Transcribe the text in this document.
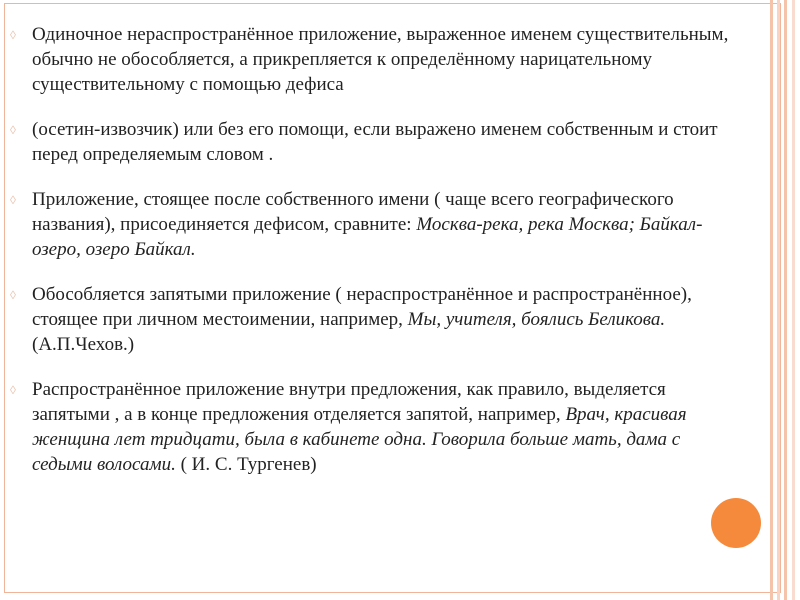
◊ Одиночное нераспространённое приложение, выраженное именем существительным, обычно не обособляется, а прикрепляется к определённому нарицательному существительному с помощью дефиса
◊ (осетин-извозчик) или без его помощи, если выражено именем собственным и стоит перед определяемым словом .
◊ Приложение, стоящее после собственного имени ( чаще всего географического названия), присоединяется дефисом, сравните: Москва-река, река Москва; Байкал-озеро, озеро Байкал.
◊ Обособляется запятыми приложение ( нераспространённое и распространённое), стоящее при личном местоимении, например, Мы, учителя, боялись Беликова. (А.П.Чехов.)
◊ Распространённое приложение внутри предложения, как правило, выделяется запятыми , а в конце предложения отделяется запятой, например, Врач, красивая женщина лет тридцати, была в кабинете одна. Говорила больше мать, дама с седыми волосами. ( И. С. Тургенев)
